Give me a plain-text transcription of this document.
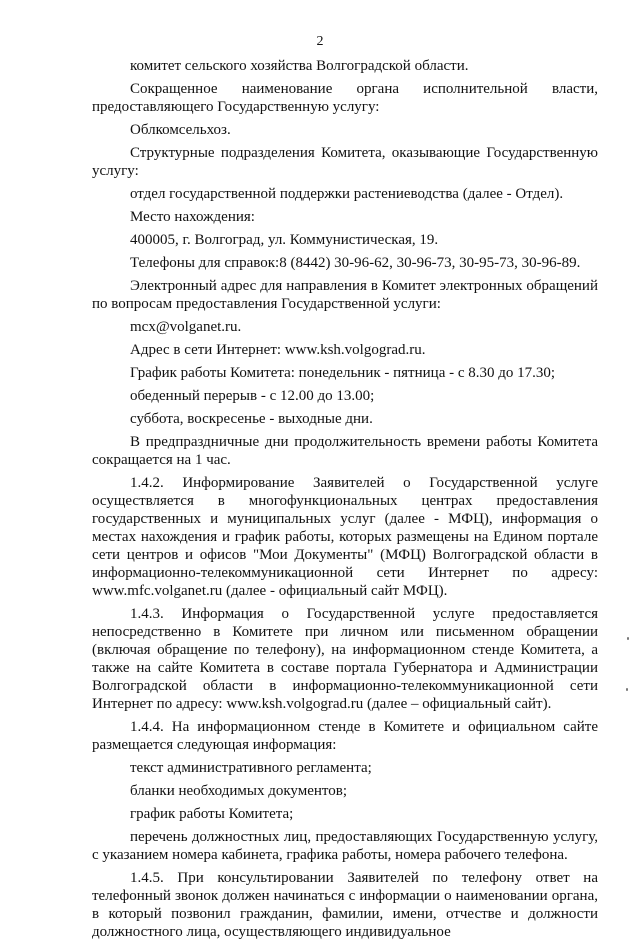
2

комитет сельского хозяйства Волгоградской области.

Сокращенное наименование органа исполнительной власти, предоставляющего Государственную услугу:

Облкомсельхоз.

Структурные подразделения Комитета, оказывающие Государственную услугу:

отдел государственной поддержки растениеводства (далее - Отдел).

Место нахождения:

400005, г. Волгоград, ул. Коммунистическая, 19.

Телефоны для справок:8 (8442) 30-96-62, 30-96-73, 30-95-73, 30-96-89.

Электронный адрес для направления в Комитет электронных обращений по вопросам предоставления Государственной услуги:

mcx@volganet.ru.

Адрес в сети Интернет: www.ksh.volgograd.ru.

График работы Комитета: понедельник - пятница - с 8.30 до 17.30;

обеденный перерыв - с 12.00 до 13.00;

суббота, воскресенье - выходные дни.

В предпраздничные дни продолжительность времени работы Комитета сокращается на 1 час.

1.4.2. Информирование Заявителей о Государственной услуге осуществляется в многофункциональных центрах предоставления государственных и муниципальных услуг (далее - МФЦ), информация о местах нахождения и график работы, которых размещены на Едином портале сети центров и офисов "Мои Документы" (МФЦ) Волгоградской области в информационно-телекоммуникационной сети Интернет по адресу: www.mfc.volganet.ru (далее - официальный сайт МФЦ).

1.4.3. Информация о Государственной услуге предоставляется непосредственно в Комитете при личном или письменном обращении (включая обращение по телефону), на информационном стенде Комитета, а также на сайте Комитета в составе портала Губернатора и Администрации Волгоградской области в информационно-телекоммуникационной сети Интернет по адресу: www.ksh.volgograd.ru (далее – официальный сайт).

1.4.4. На информационном стенде в Комитете и официальном сайте размещается следующая информация:

текст административного регламента;

бланки необходимых документов;

график работы Комитета;

перечень должностных лиц, предоставляющих Государственную услугу, с указанием номера кабинета, графика работы, номера рабочего телефона.

1.4.5. При консультировании Заявителей по телефону ответ на телефонный звонок должен начинаться с информации о наименовании органа, в который позвонил гражданин, фамилии, имени, отчестве и должности должностного лица, осуществляющего индивидуальное
